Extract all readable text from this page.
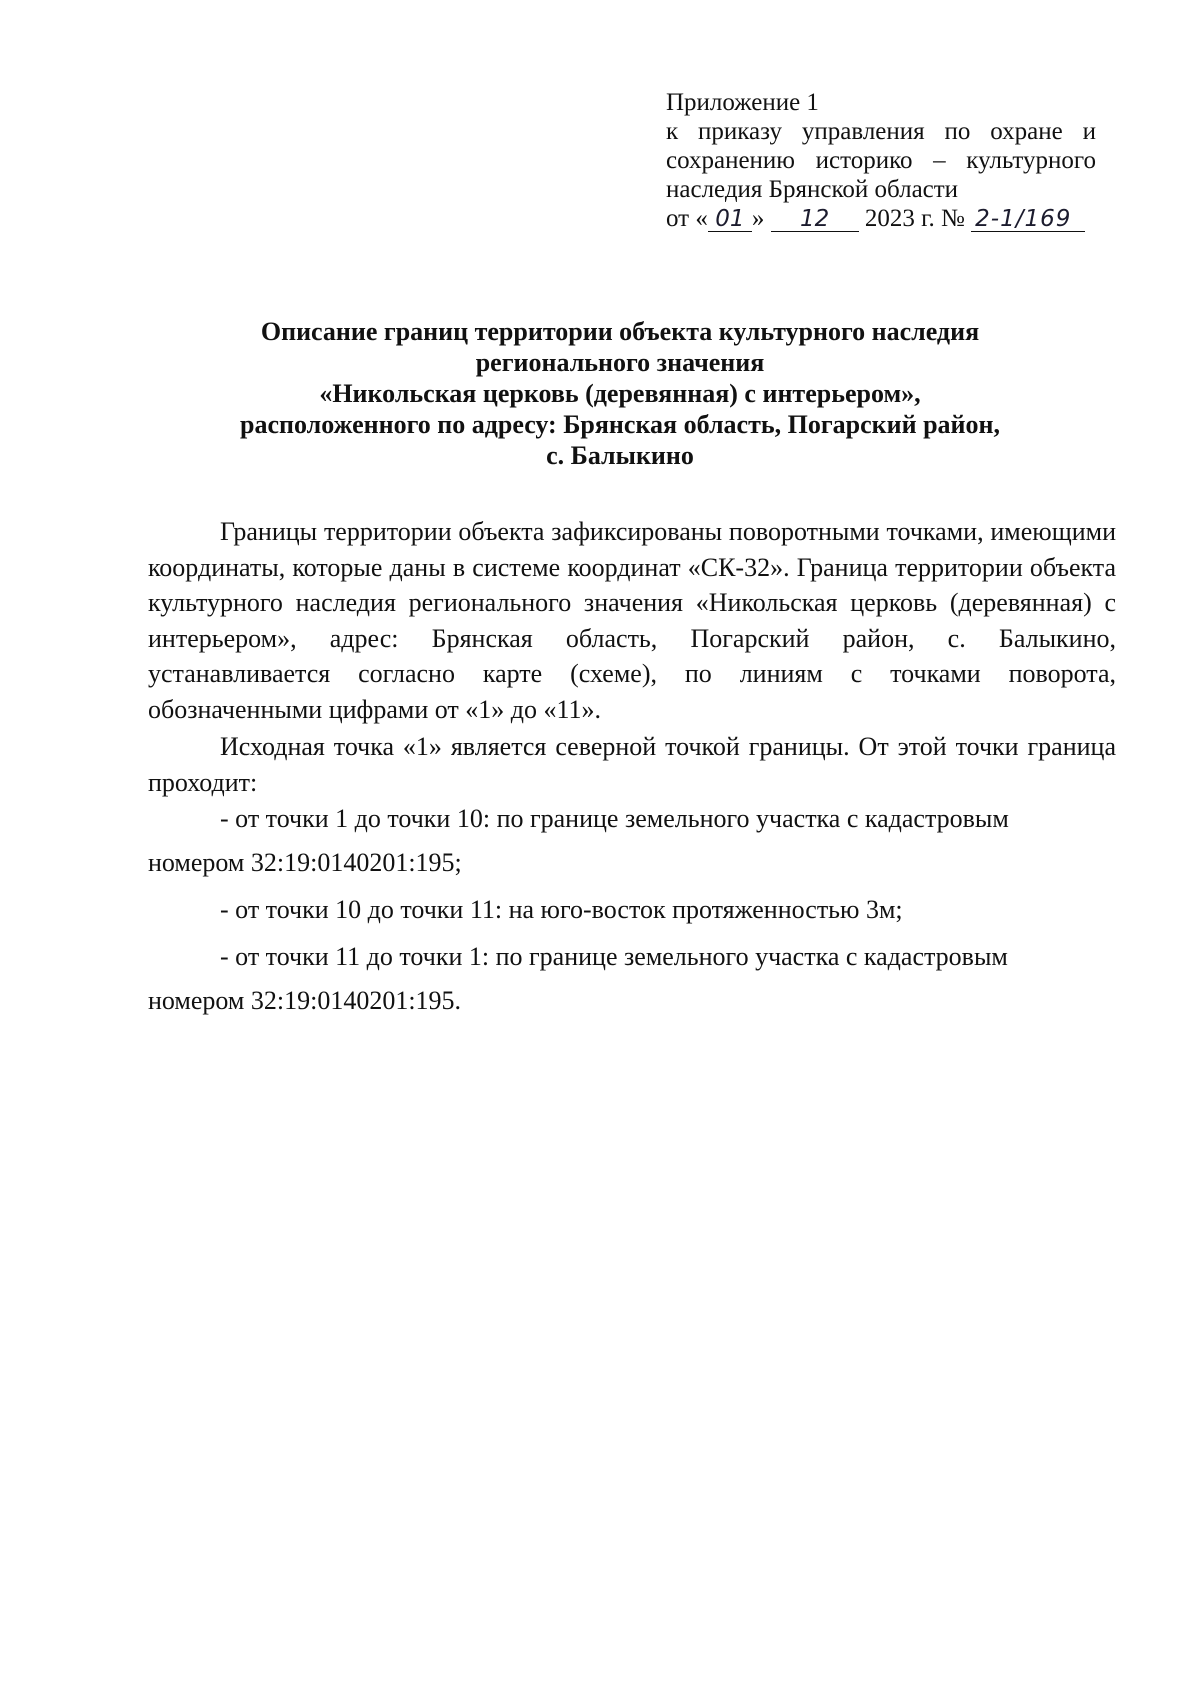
Приложение 1
к приказу управления по охране и
сохранению историко – культурного
наследия Брянской области
от « 01 » 12 2023 г. № 2-1/169
Описание границ территории объекта культурного наследия
регионального значения
«Никольская церковь (деревянная) с интерьером»,
расположенного по адресу: Брянская область, Погарский район,
с. Балыкино

Границы территории объекта зафиксированы поворотными точками, имеющими координаты, которые даны в системе координат «СК-32». Граница территории объекта культурного наследия регионального значения «Никольская церковь (деревянная) с интерьером», адрес: Брянская область, Погарский район, с. Балыкино, устанавливается согласно карте (схеме), по линиям с точками поворота, обозначенными цифрами от «1» до «11».

Исходная точка «1» является северной точкой границы. От этой точки граница проходит:

- от точки 1 до точки 10: по границе земельного участка с кадастровым
номером 32:19:0140201:195;
- от точки 10 до точки 11: на юго-восток протяженностью 3м;
- от точки 11 до точки 1: по границе земельного участка с кадастровым
номером 32:19:0140201:195.
